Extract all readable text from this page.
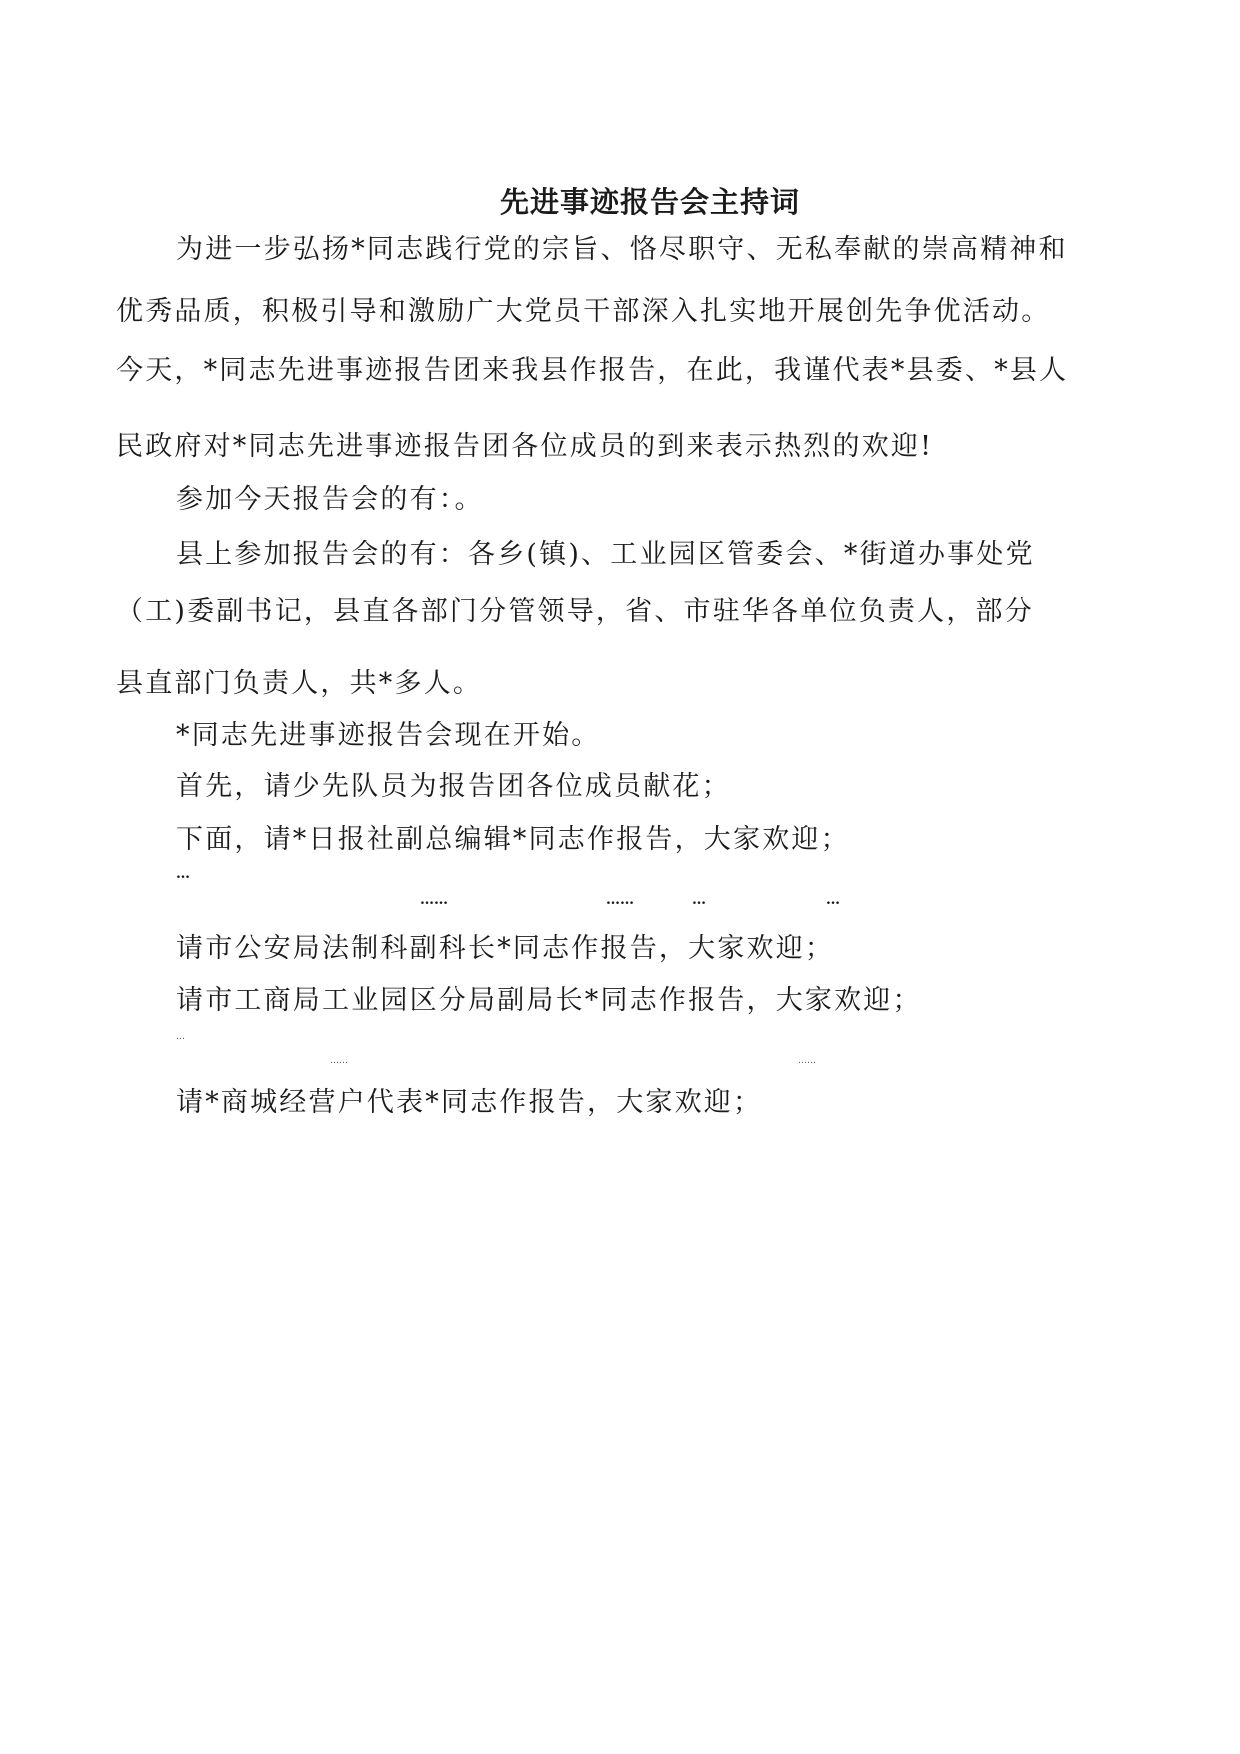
先进事迹报告会主持词
为进一步弘扬*同志践行党的宗旨、恪尽职守、无私奉献的崇高精神和
优秀品质，积极引导和激励广大党员干部深入扎实地开展创先争优活动。
今天，*同志先进事迹报告团来我县作报告，在此，我谨代表*县委、*县人
民政府对*同志先进事迹报告团各位成员的到来表示热烈的欢迎!
参加今天报告会的有：。
县上参加报告会的有：各乡(镇)、工业园区管委会、*街道办事处党
（工)委副书记，县直各部门分管领导，省、市驻华各单位负责人，部分
县直部门负责人，共*多人。
*同志先进事迹报告会现在开始。
首先，请少先队员为报告团各位成员献花；
下面，请*日报社副总编辑*同志作报告，大家欢迎；
…
……	……	…	…
请市公安局法制科副科长*同志作报告，大家欢迎；
请市工商局工业园区分局副局长*同志作报告，大家欢迎；
…
……	……
请*商城经营户代表*同志作报告，大家欢迎；
